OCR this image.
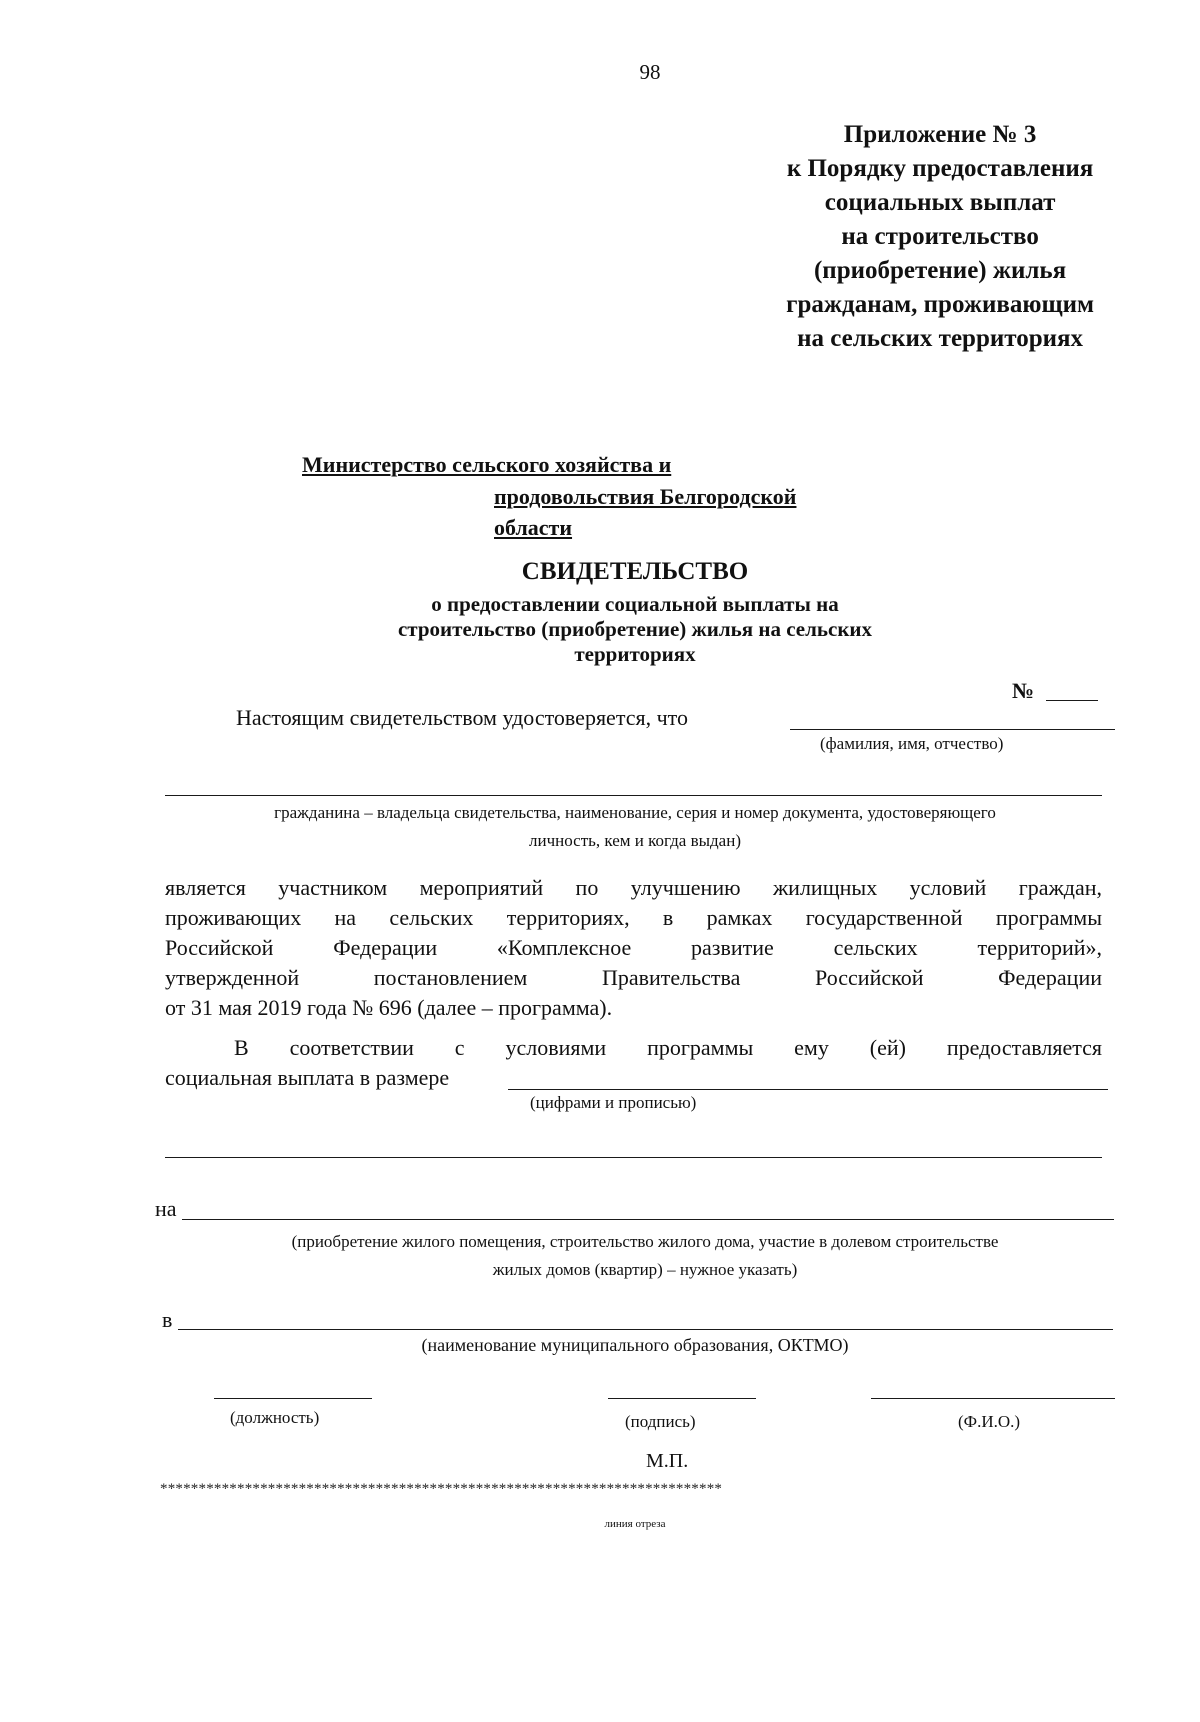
98
Приложение № 3
к Порядку предоставления
социальных выплат
на строительство
(приобретение) жилья
гражданам, проживающим
на сельских территориях
Министерство сельского хозяйства и
продовольствия Белгородской
области
СВИДЕТЕЛЬСТВО
о предоставлении социальной выплаты на
строительство (приобретение) жилья на сельских
территориях
№
Настоящим свидетельством удостоверяется, что
(фамилия, имя, отчество)
гражданина – владельца свидетельства, наименование, серия и номер документа, удостоверяющего
личность, кем и когда выдан)
является участником мероприятий по улучшению жилищных условий граждан,
проживающих на сельских территориях, в рамках государственной программы
Российской Федерации «Комплексное развитие сельских территорий»,
утвержденной постановлением Правительства Российской Федерации
от 31 мая 2019 года № 696 (далее – программа).
В соответствии с условиями программы ему (ей) предоставляется
социальная выплата в размере
(цифрами и прописью)
на
(приобретение жилого помещения, строительство жилого дома, участие в долевом строительстве
жилых домов (квартир) – нужное указать)
в
(наименование муниципального образования, ОКТМО)
(должность)	(подпись)	(Ф.И.О.)
М.П.
*************************************************************************
линия отреза
